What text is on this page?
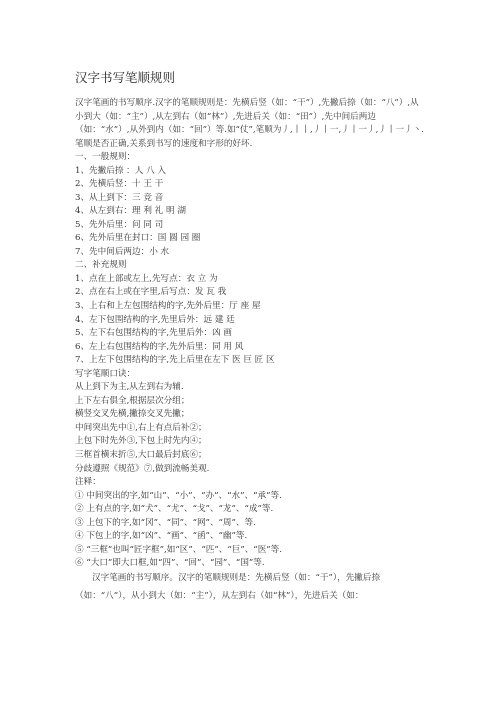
汉字书写笔顺规则
汉字笔画的书写顺序.汉字的笔顺规则是：先横后竖（如：“干”）,先撇后捺（如：“八”）,从小到大（如：“主”）,从左到右（如“林”）,先进后关（如：“田”）,先中间后两边（如：“水”）,从外到内（如：“回”）等.如“仗”,笔顺为丿,丨丨,丿丨一,丿丨一丿,丿丨一丿丶.笔顺是否正确,关系到书写的速度和字形的好坏.
一、一般规则：
1、先撇后捺 ：人 八 入
2、先横后竖：十 王 干
3、从上到下：三 竞 音
4、从左到右：理 利 礼 明 湖
5、先外后里：问 同 司
6、先外后里在封口：国 圆 园 圈
7、先中间后两边：小 水
二、补充规则
1、点在上部或左上,先写点：衣 立 为
2、点在右上或在字里,后写点：发 瓦 我
3、上右和上左包围结构的字,先外后里：厅 座 屋
4、左下包围结构的字,先里后外：远 建 廷
5、左下右包围结构的字,先里后外：凶 画
6、左上右包围结构的字,先外后里：同 用 风
7、上左下包围结构的字,先上后里在左下 医 巨 匠 区
写字笔顺口诀：
从上到下为主,从左到右为辅.
上下左右俱全,根据层次分组；
横竖交叉先横,撇捺交叉先撇；
中间突出先中①,右上有点后补②；
上包下时先外③,下包上时先内④；
三框首横末折⑤,大口最后封底⑥；
分歧遵照《规范》⑦,做到流畅美观.
注释：
① 中间突出的字,如“山”、“小”、“办”、“水”、“承”等.
② 上有点的字,如“犬”、“尤”、“戈”、“龙”、“成”等.
③ 上包下的字,如“冈”、“同”、“网”、“周”、等.
④ 下包上的字,如“凶”、“画”、“函”、“幽”等.
⑤ “三框”也叫“匠字框”,如“区”、“匹”、“巨”、“医”等.
⑥ “大口”即大口框,如“四”、“回”、“园”、“国”等.
汉字笔画的书写顺序。汉字的笔顺规则是：先横后竖（如：“干”），先撇后捺（如：“八”），从小到大（如：“主”），从左到右（如“林”），先进后关（如：
